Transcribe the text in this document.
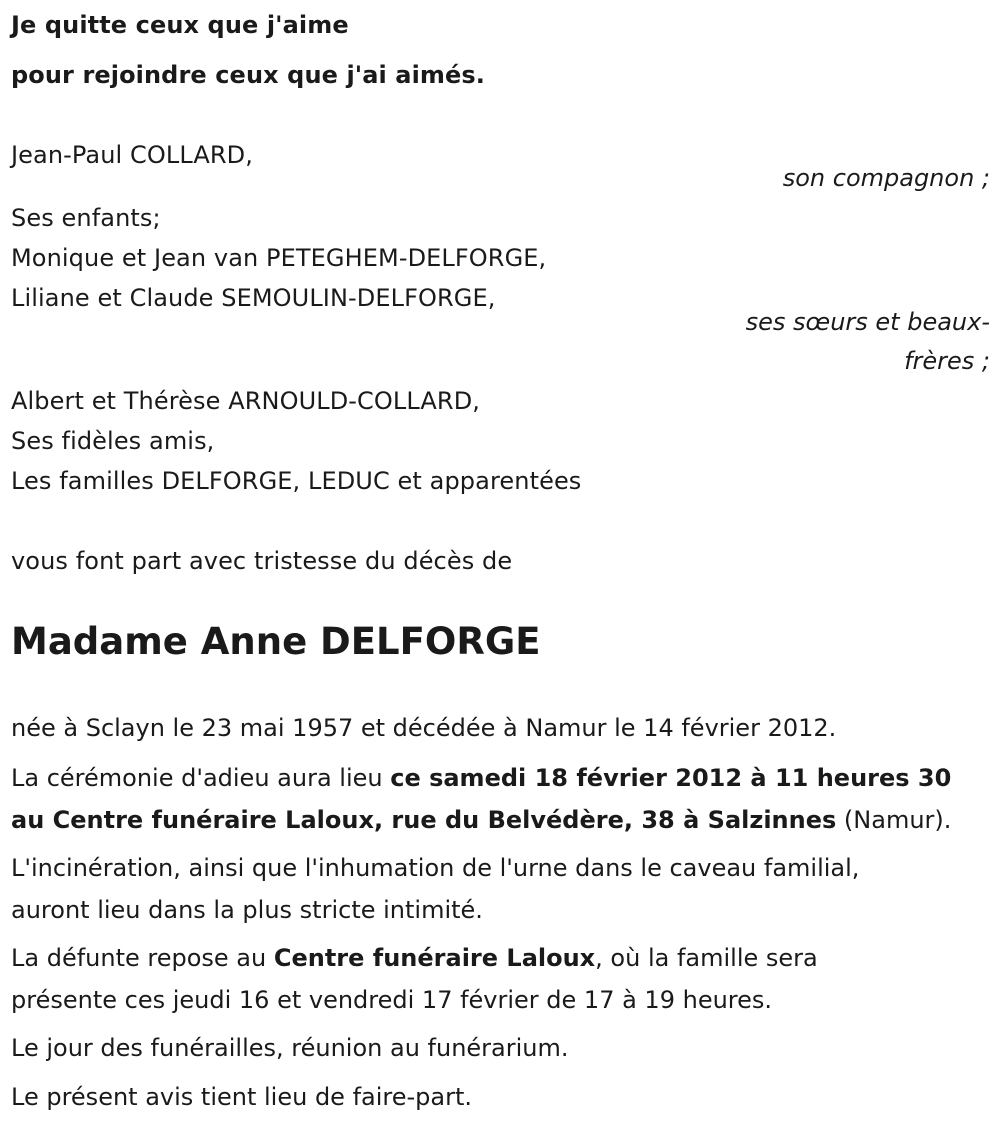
Je quitte ceux que j'aime
pour rejoindre ceux que j'ai aimés.
Jean-Paul COLLARD,
son compagnon ;
Ses enfants;
Monique et Jean van PETEGHEM-DELFORGE,
Liliane et Claude SEMOULIN-DELFORGE,
ses sœurs et beaux-
frères ;
Albert et Thérèse ARNOULD-COLLARD,
Ses fidèles amis,
Les familles DELFORGE, LEDUC et apparentées
vous font part avec tristesse du décès de
Madame Anne DELFORGE
née à Sclayn le 23 mai 1957 et décédée à Namur le 14 février 2012.
La cérémonie d'adieu aura lieu ce samedi 18 février 2012 à 11 heures 30
au Centre funéraire Laloux, rue du Belvédère, 38 à Salzinnes (Namur).
L'incinération, ainsi que l'inhumation de l'urne dans le caveau familial,
auront lieu dans la plus stricte intimité.
La défunte repose au Centre funéraire Laloux, où la famille sera
présente ces jeudi 16 et vendredi 17 février de 17 à 19 heures.
Le jour des funérailles, réunion au funérarium.
Le présent avis tient lieu de faire-part.
